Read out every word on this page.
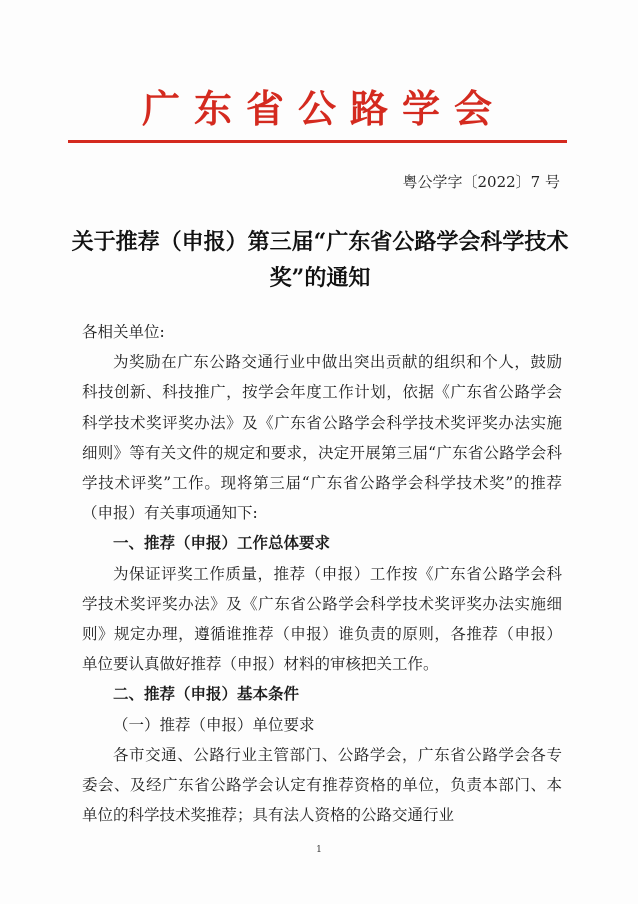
广东省公路学会
粤公学字〔2022〕7 号
关于推荐（申报）第三届“广东省公路学会科学技术奖”的通知

各相关单位:

为奖励在广东公路交通行业中做出突出贡献的组织和个人，鼓励科技创新、科技推广，按学会年度工作计划，依据《广东省公路学会科学技术奖评奖办法》及《广东省公路学会科学技术奖评奖办法实施细则》等有关文件的规定和要求，决定开展第三届“广东省公路学会科学技术评奖”工作。现将第三届“广东省公路学会科学技术奖”的推荐（申报）有关事项通知下:

一、推荐（申报）工作总体要求

为保证评奖工作质量，推荐（申报）工作按《广东省公路学会科学技术奖评奖办法》及《广东省公路学会科学技术奖评奖办法实施细则》规定办理，遵循谁推荐（申报）谁负责的原则，各推荐（申报）单位要认真做好推荐（申报）材料的审核把关工作。

二、推荐（申报）基本条件

（一）推荐（申报）单位要求

各市交通、公路行业主管部门、公路学会，广东省公路学会各专委会、及经广东省公路学会认定有推荐资格的单位，负责本部门、本单位的科学技术奖推荐；具有法人资格的公路交通行业

1
